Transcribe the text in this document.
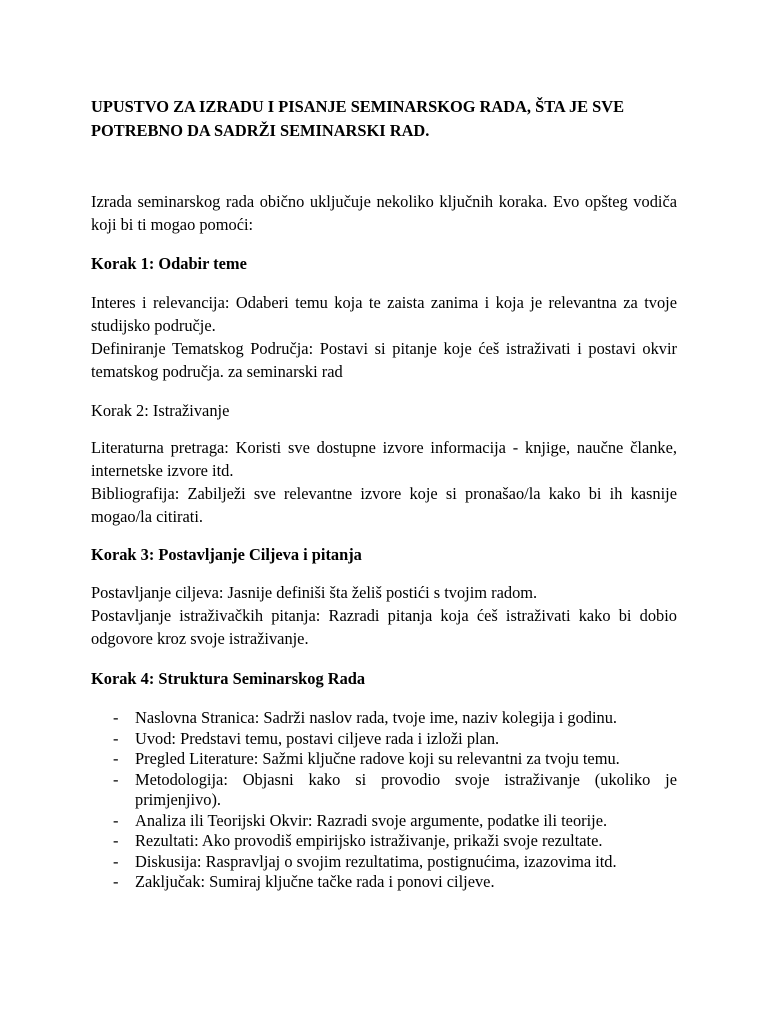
UPUSTVO ZA IZRADU I PISANJE SEMINARSKOG RADA, ŠTA JE SVE POTREBNO DA SADRŽI SEMINARSKI RAD.

Izrada seminarskog rada obično uključuje nekoliko ključnih koraka. Evo opšteg vodiča koji bi ti mogao pomoći:

Korak 1: Odabir teme

Interes i relevancija: Odaberi temu koja te zaista zanima i koja je relevantna za tvoje studijsko područje.
Definiranje Tematskog Područja: Postavi si pitanje koje ćeš istraživati i postavi okvir tematskog područja. za seminarski rad

Korak 2: Istraživanje

Literaturna pretraga: Koristi sve dostupne izvore informacija - knjige, naučne članke, internetske izvore itd.
Bibliografija: Zabilježi sve relevantne izvore koje si pronašao/la kako bi ih kasnije mogao/la citirati.

Korak 3: Postavljanje Ciljeva i pitanja

Postavljanje ciljeva: Jasnije definiši šta želiš postići s tvojim radom.
Postavljanje istraživačkih pitanja: Razradi pitanja koja ćeš istraživati kako bi dobio odgovore kroz svoje istraživanje.

Korak 4: Struktura Seminarskog Rada

- Naslovna Stranica: Sadrži naslov rada, tvoje ime, naziv kolegija i godinu.
- Uvod: Predstavi temu, postavi ciljeve rada i izloži plan.
- Pregled Literature: Sažmi ključne radove koji su relevantni za tvoju temu.
- Metodologija: Objasni kako si provodio svoje istraživanje (ukoliko je primjenjivo).
- Analiza ili Teorijski Okvir: Razradi svoje argumente, podatke ili teorije.
- Rezultati: Ako provodiš empirijsko istraživanje, prikaži svoje rezultate.
- Diskusija: Raspravljaj o svojim rezultatima, postignućima, izazovima itd.
- Zaključak: Sumiraj ključne tačke rada i ponovi ciljeve.
